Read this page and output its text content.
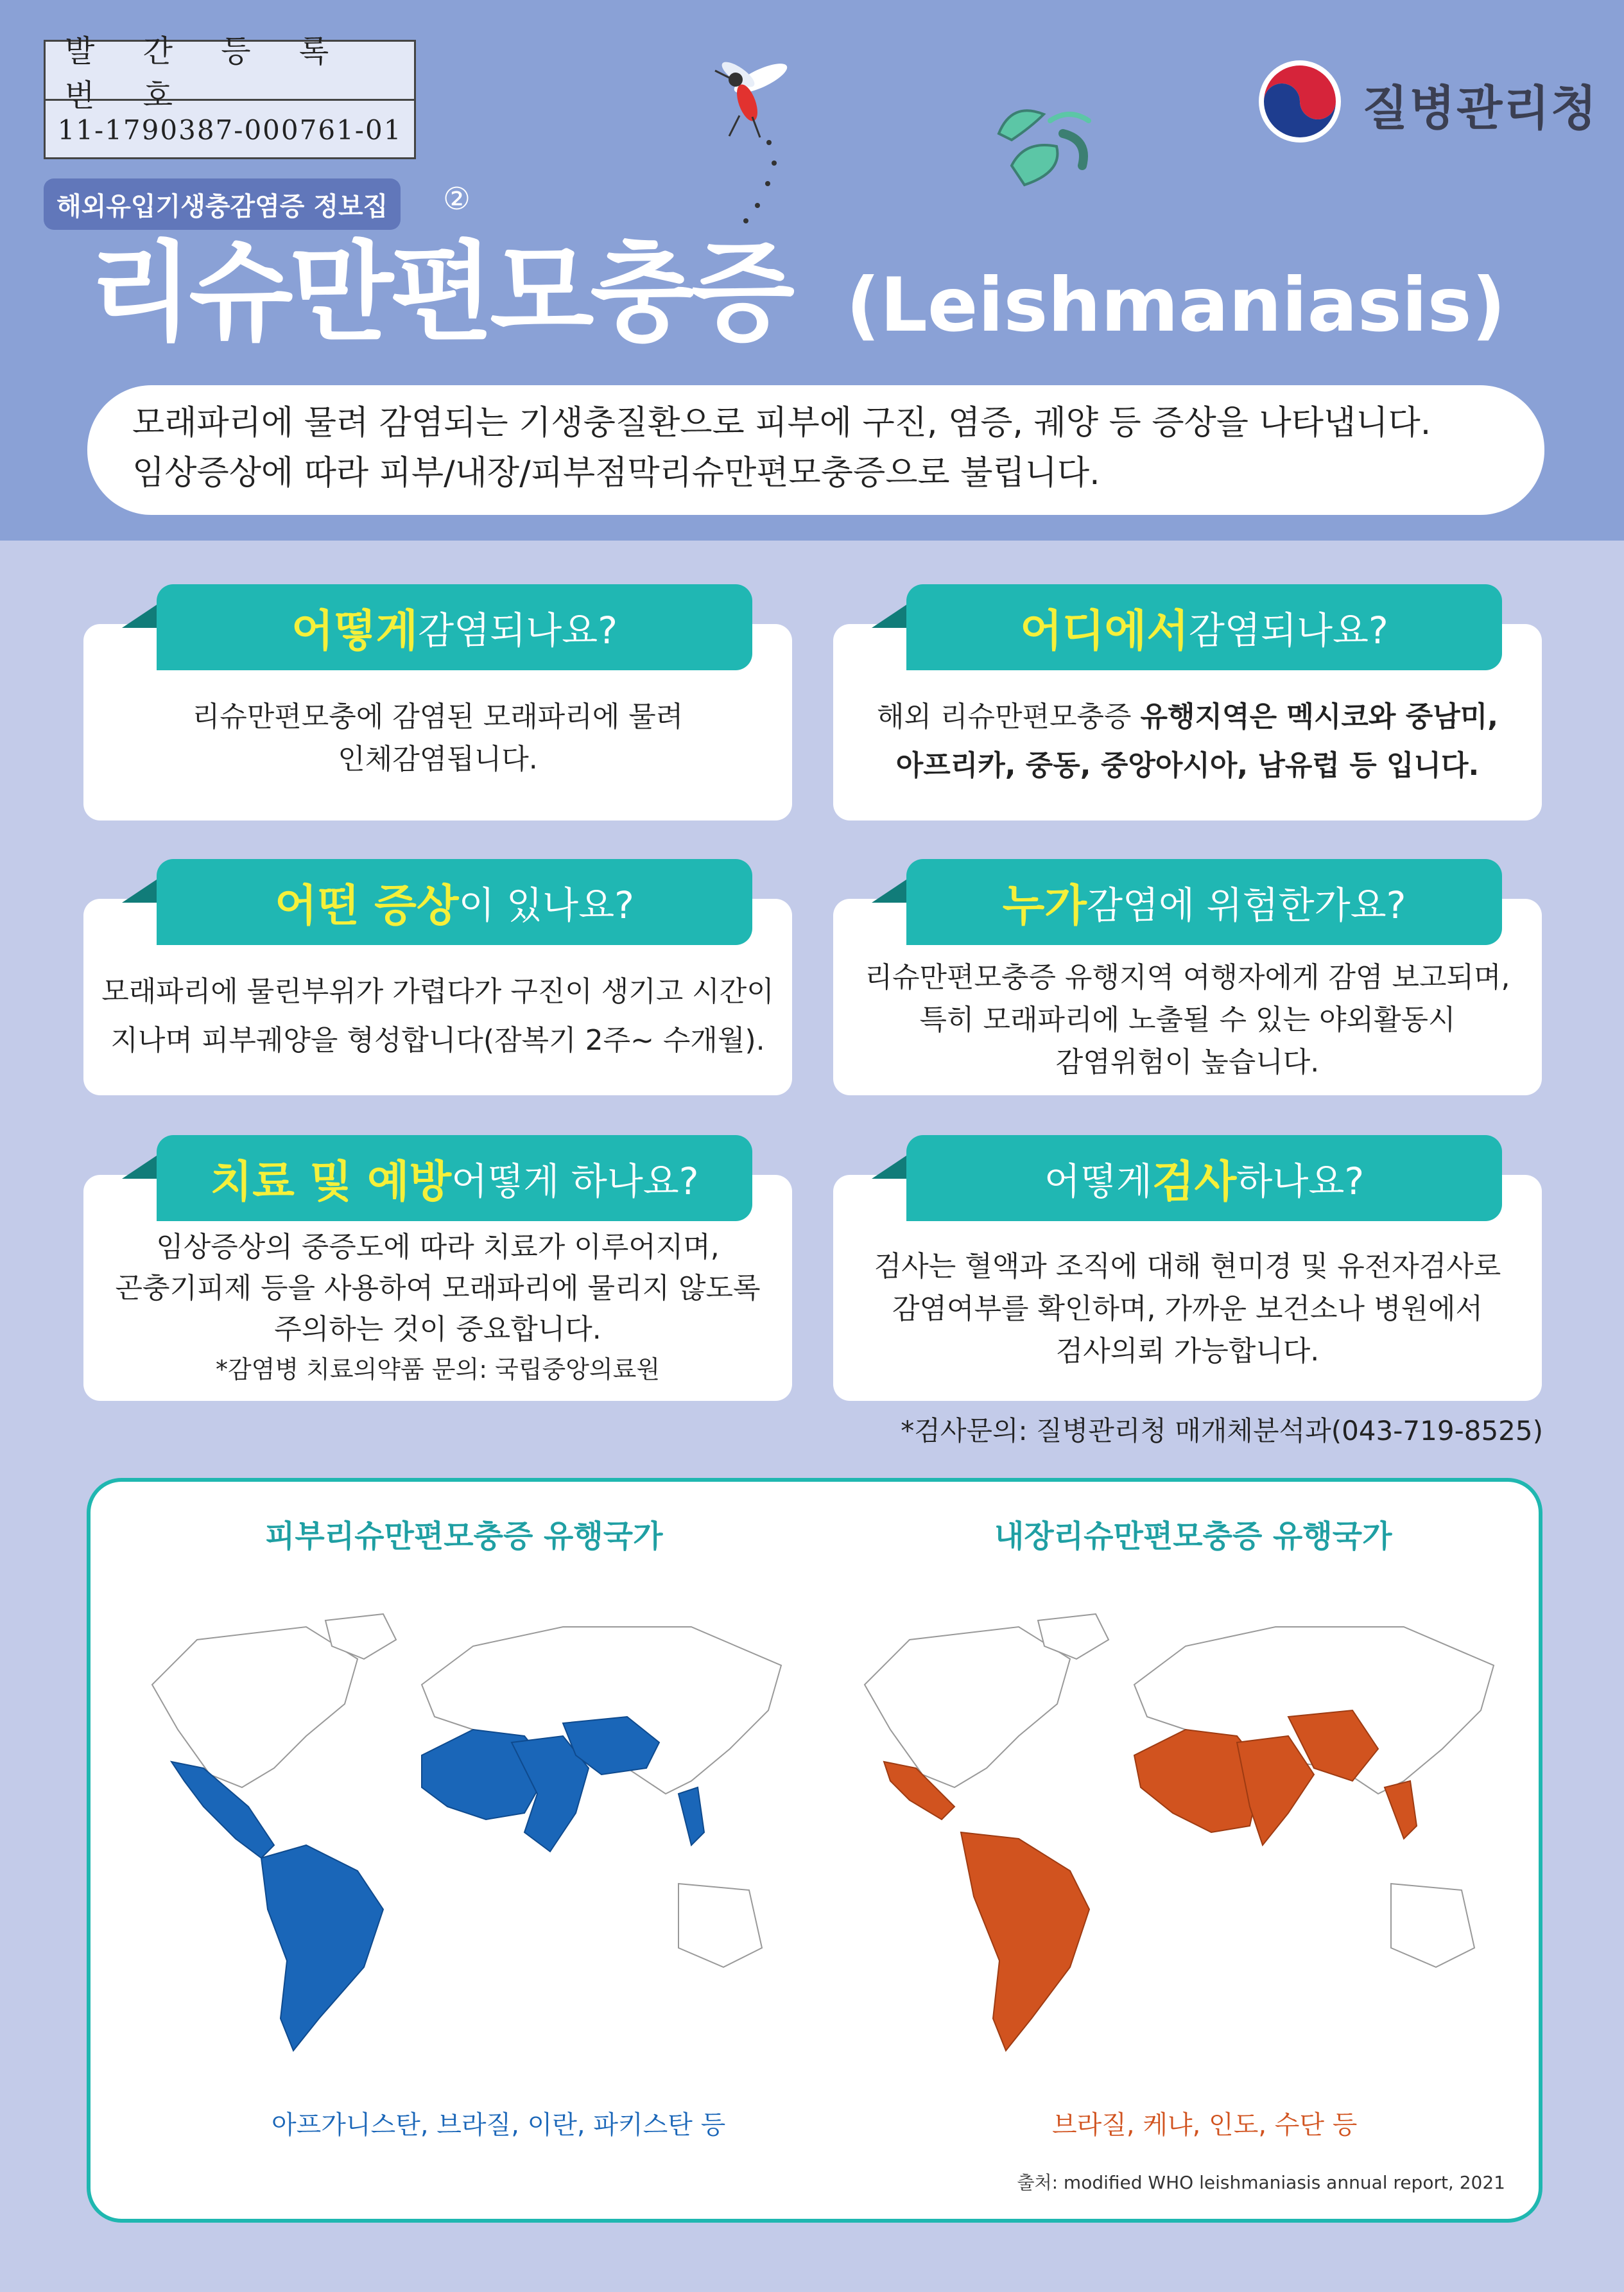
발 간 등 록 번 호
11-1790387-000761-01
해외유입기생충감염증 정보집	②
질병관리청
리슈만편모충증 (Leishmaniasis)
모래파리에 물려 감염되는 기생충질환으로 피부에 구진, 염증, 궤양 등 증상을 나타냅니다.
임상증상에 따라 피부/내장/피부점막리슈만편모충증으로 불립니다.
리슈만편모충에 감염된 모래파리에 물려
인체감염됩니다.
어떻게 감염되나요?
해외 리슈만편모충증 유행지역은 멕시코와 중남미,
아프리카, 중동, 중앙아시아, 남유럽 등 입니다.
어디에서 감염되나요?
모래파리에 물린부위가 가렵다가 구진이 생기고 시간이
지나며 피부궤양을 형성합니다(잠복기 2주~ 수개월).
어떤 증상 이 있나요?
리슈만편모충증 유행지역 여행자에게 감염 보고되며,
특히 모래파리에 노출될 수 있는 야외활동시
감염위험이 높습니다.
누가 감염에 위험한가요?
임상증상의 중증도에 따라 치료가 이루어지며,
곤충기피제 등을 사용하여 모래파리에 물리지 않도록
주의하는 것이 중요합니다.
*감염병 치료의약품 문의: 국립중앙의료원
치료 및 예방 어떻게 하나요?
검사는 혈액과 조직에 대해 현미경 및 유전자검사로
감염여부를 확인하며, 가까운 보건소나 병원에서
검사의뢰 가능합니다.
어떻게 검사 하나요?
*검사문의: 질병관리청 매개체분석과(043-719-8525)
피부리슈만편모충증 유행국가	내장리슈만편모충증 유행국가
아프가니스탄, 브라질, 이란, 파키스탄 등	브라질, 케냐, 인도, 수단 등
출처: modified WHO leishmaniasis annual report, 2021
